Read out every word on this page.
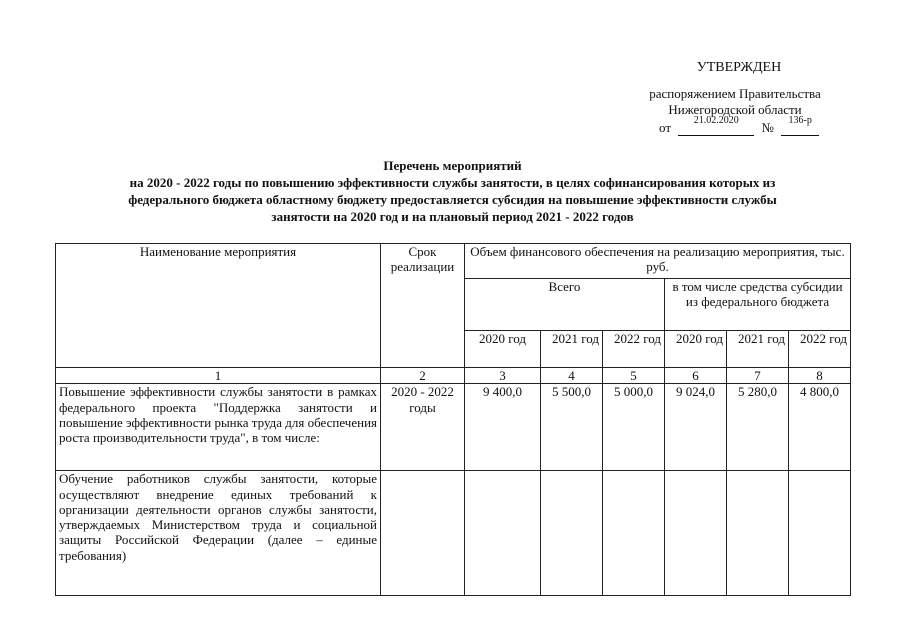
УТВЕРЖДЕН
распоряжением Правительства
Нижегородской области
от	21.02.2020	№	136-р
Перечень мероприятий
на 2020 - 2022 годы по повышению эффективности службы занятости, в целях софинансирования которых из
федерального бюджета областному бюджету предоставляется субсидия на повышение эффективности службы
занятости на 2020 год и на плановый период 2021 - 2022 годов
Наименование мероприятия	Срок реализации	Объем финансового обеспечения на реализацию мероприятия, тыс. руб.					
		Всего			в том числе средства субсидии из федерального бюджета		
		2020 год	2021 год	2022 год	2020 год	2021 год	2022 год
1	2	3	4	5	6	7	8
Повышение эффективности службы занятости в рамках федерального проекта "Поддержка занятости и повышение эффективности рынка труда для обеспечения роста производительности труда", в том числе:	2020 - 2022 годы	9 400,0	5 500,0	5 000,0	9 024,0	5 280,0	4 800,0
Обучение работников службы занятости, которые осуществляют внедрение единых требований к организации деятельности органов службы занятости, утверждаемых Министерством труда и социальной защиты Российской Федерации (далее – единые требования)							
